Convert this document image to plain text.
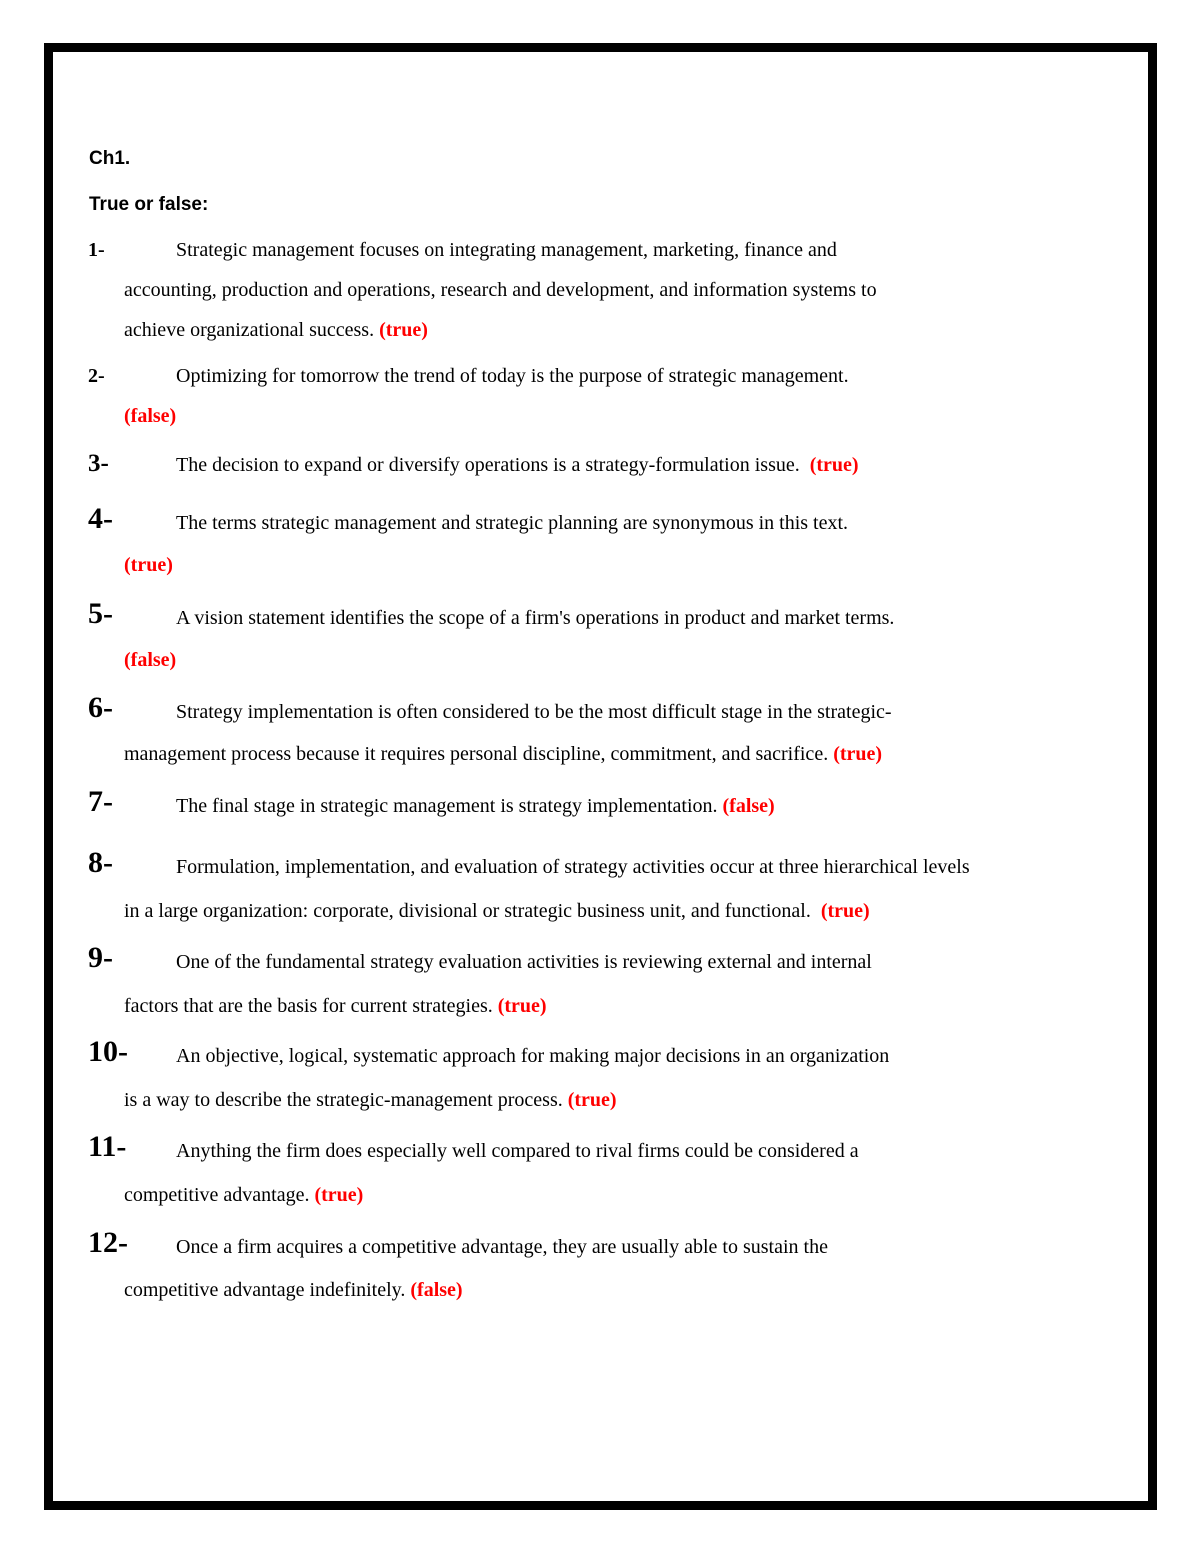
Ch1.
True or false:
1-	Strategic management focuses on integrating management, marketing, finance and
accounting, production and operations, research and development, and information systems to
achieve organizational success. (true)
2-	Optimizing for tomorrow the trend of today is the purpose of strategic management.
(false)
3-	The decision to expand or diversify operations is a strategy-formulation issue. (true)
4-	The terms strategic management and strategic planning are synonymous in this text.
(true)
5-	A vision statement identifies the scope of a firm's operations in product and market terms.
(false)
6-	Strategy implementation is often considered to be the most difficult stage in the strategic-
management process because it requires personal discipline, commitment, and sacrifice. (true)
7-	The final stage in strategic management is strategy implementation. (false)
8-	Formulation, implementation, and evaluation of strategy activities occur at three hierarchical levels
in a large organization: corporate, divisional or strategic business unit, and functional. (true)
9-	One of the fundamental strategy evaluation activities is reviewing external and internal
factors that are the basis for current strategies. (true)
10- An objective, logical, systematic approach for making major decisions in an organization
is a way to describe the strategic-management process. (true)
11- Anything the firm does especially well compared to rival firms could be considered a
competitive advantage. (true)
12- Once a firm acquires a competitive advantage, they are usually able to sustain the
competitive advantage indefinitely. (false)
